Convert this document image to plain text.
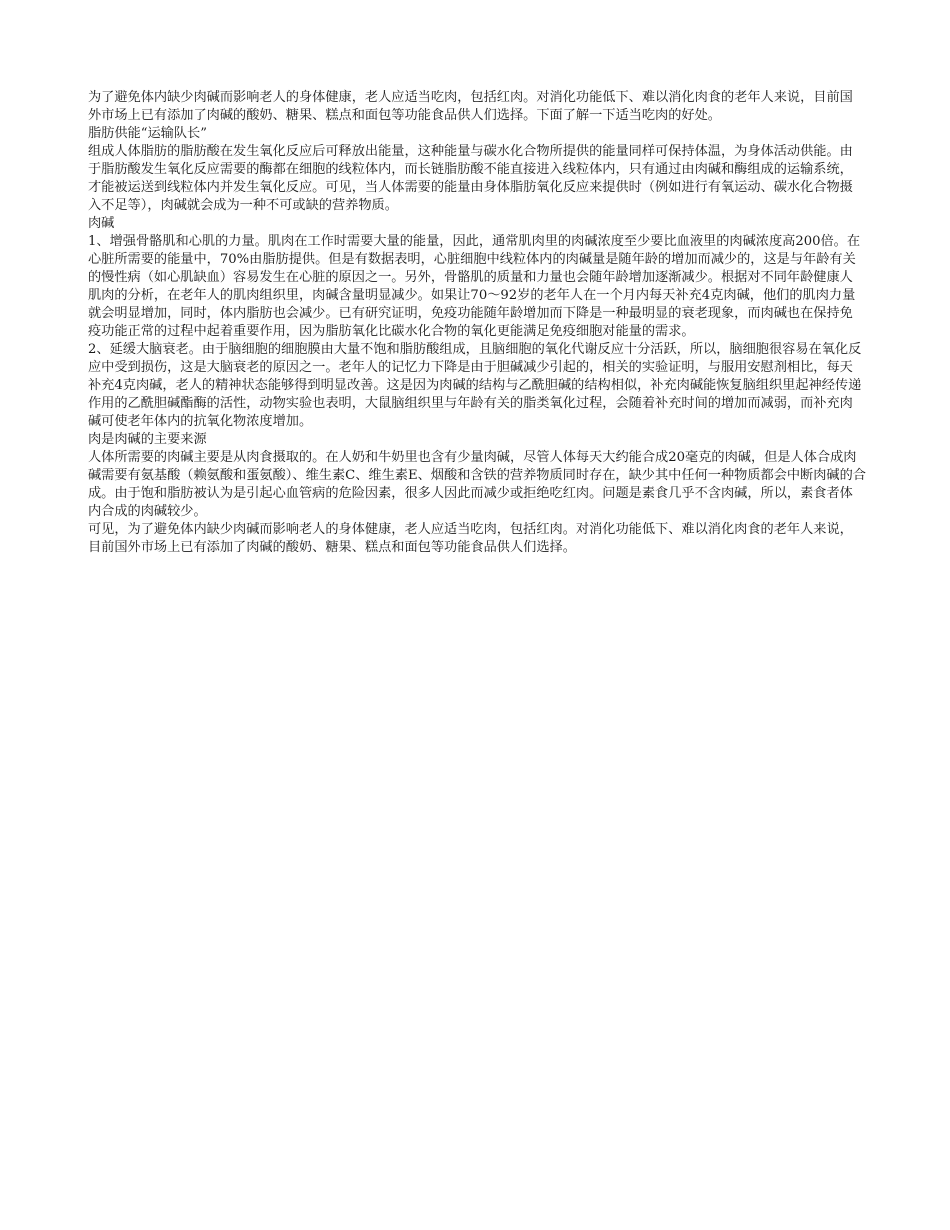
为了避免体内缺少肉碱而影响老人的身体健康，老人应适当吃肉，包括红肉。对消化功能低下、难以消化肉食的老年人来说，目前国外市场上已有添加了肉碱的酸奶、糖果、糕点和面包等功能食品供人们选择。下面了解一下适当吃肉的好处。

脂肪供能“运输队长”

组成人体脂肪的脂肪酸在发生氧化反应后可释放出能量，这种能量与碳水化合物所提供的能量同样可保持体温，为身体活动供能。由于脂肪酸发生氧化反应需要的酶都在细胞的线粒体内，而长链脂肪酸不能直接进入线粒体内，只有通过由肉碱和酶组成的运输系统，才能被运送到线粒体内并发生氧化反应。可见，当人体需要的能量由身体脂肪氧化反应来提供时（例如进行有氧运动、碳水化合物摄入不足等），肉碱就会成为一种不可或缺的营养物质。

肉碱

1、增强骨骼肌和心肌的力量。肌肉在工作时需要大量的能量，因此，通常肌肉里的肉碱浓度至少要比血液里的肉碱浓度高200倍。在心脏所需要的能量中，70%由脂肪提供。但是有数据表明，心脏细胞中线粒体内的肉碱量是随年龄的增加而减少的，这是与年龄有关的慢性病（如心肌缺血）容易发生在心脏的原因之一。另外，骨骼肌的质量和力量也会随年龄增加逐渐减少。根据对不同年龄健康人肌肉的分析，在老年人的肌肉组织里，肉碱含量明显减少。如果让70～92岁的老年人在一个月内每天补充4克肉碱，他们的肌肉力量就会明显增加，同时，体内脂肪也会减少。已有研究证明，免疫功能随年龄增加而下降是一种最明显的衰老现象，而肉碱也在保持免疫功能正常的过程中起着重要作用，因为脂肪氧化比碳水化合物的氧化更能满足免疫细胞对能量的需求。

2、延缓大脑衰老。由于脑细胞的细胞膜由大量不饱和脂肪酸组成，且脑细胞的氧化代谢反应十分活跃，所以，脑细胞很容易在氧化反应中受到损伤，这是大脑衰老的原因之一。老年人的记忆力下降是由于胆碱减少引起的，相关的实验证明，与服用安慰剂相比，每天补充4克肉碱，老人的精神状态能够得到明显改善。这是因为肉碱的结构与乙酰胆碱的结构相似，补充肉碱能恢复脑组织里起神经传递作用的乙酰胆碱酯酶的活性，动物实验也表明，大鼠脑组织里与年龄有关的脂类氧化过程，会随着补充时间的增加而减弱，而补充肉碱可使老年体内的抗氧化物浓度增加。

肉是肉碱的主要来源

人体所需要的肉碱主要是从肉食摄取的。在人奶和牛奶里也含有少量肉碱，尽管人体每天大约能合成20毫克的肉碱，但是人体合成肉碱需要有氨基酸（赖氨酸和蛋氨酸）、维生素C、维生素E、烟酸和含铁的营养物质同时存在，缺少其中任何一种物质都会中断肉碱的合成。由于饱和脂肪被认为是引起心血管病的危险因素，很多人因此而减少或拒绝吃红肉。问题是素食几乎不含肉碱，所以，素食者体内合成的肉碱较少。

可见，为了避免体内缺少肉碱而影响老人的身体健康，老人应适当吃肉，包括红肉。对消化功能低下、难以消化肉食的老年人来说，目前国外市场上已有添加了肉碱的酸奶、糖果、糕点和面包等功能食品供人们选择。
